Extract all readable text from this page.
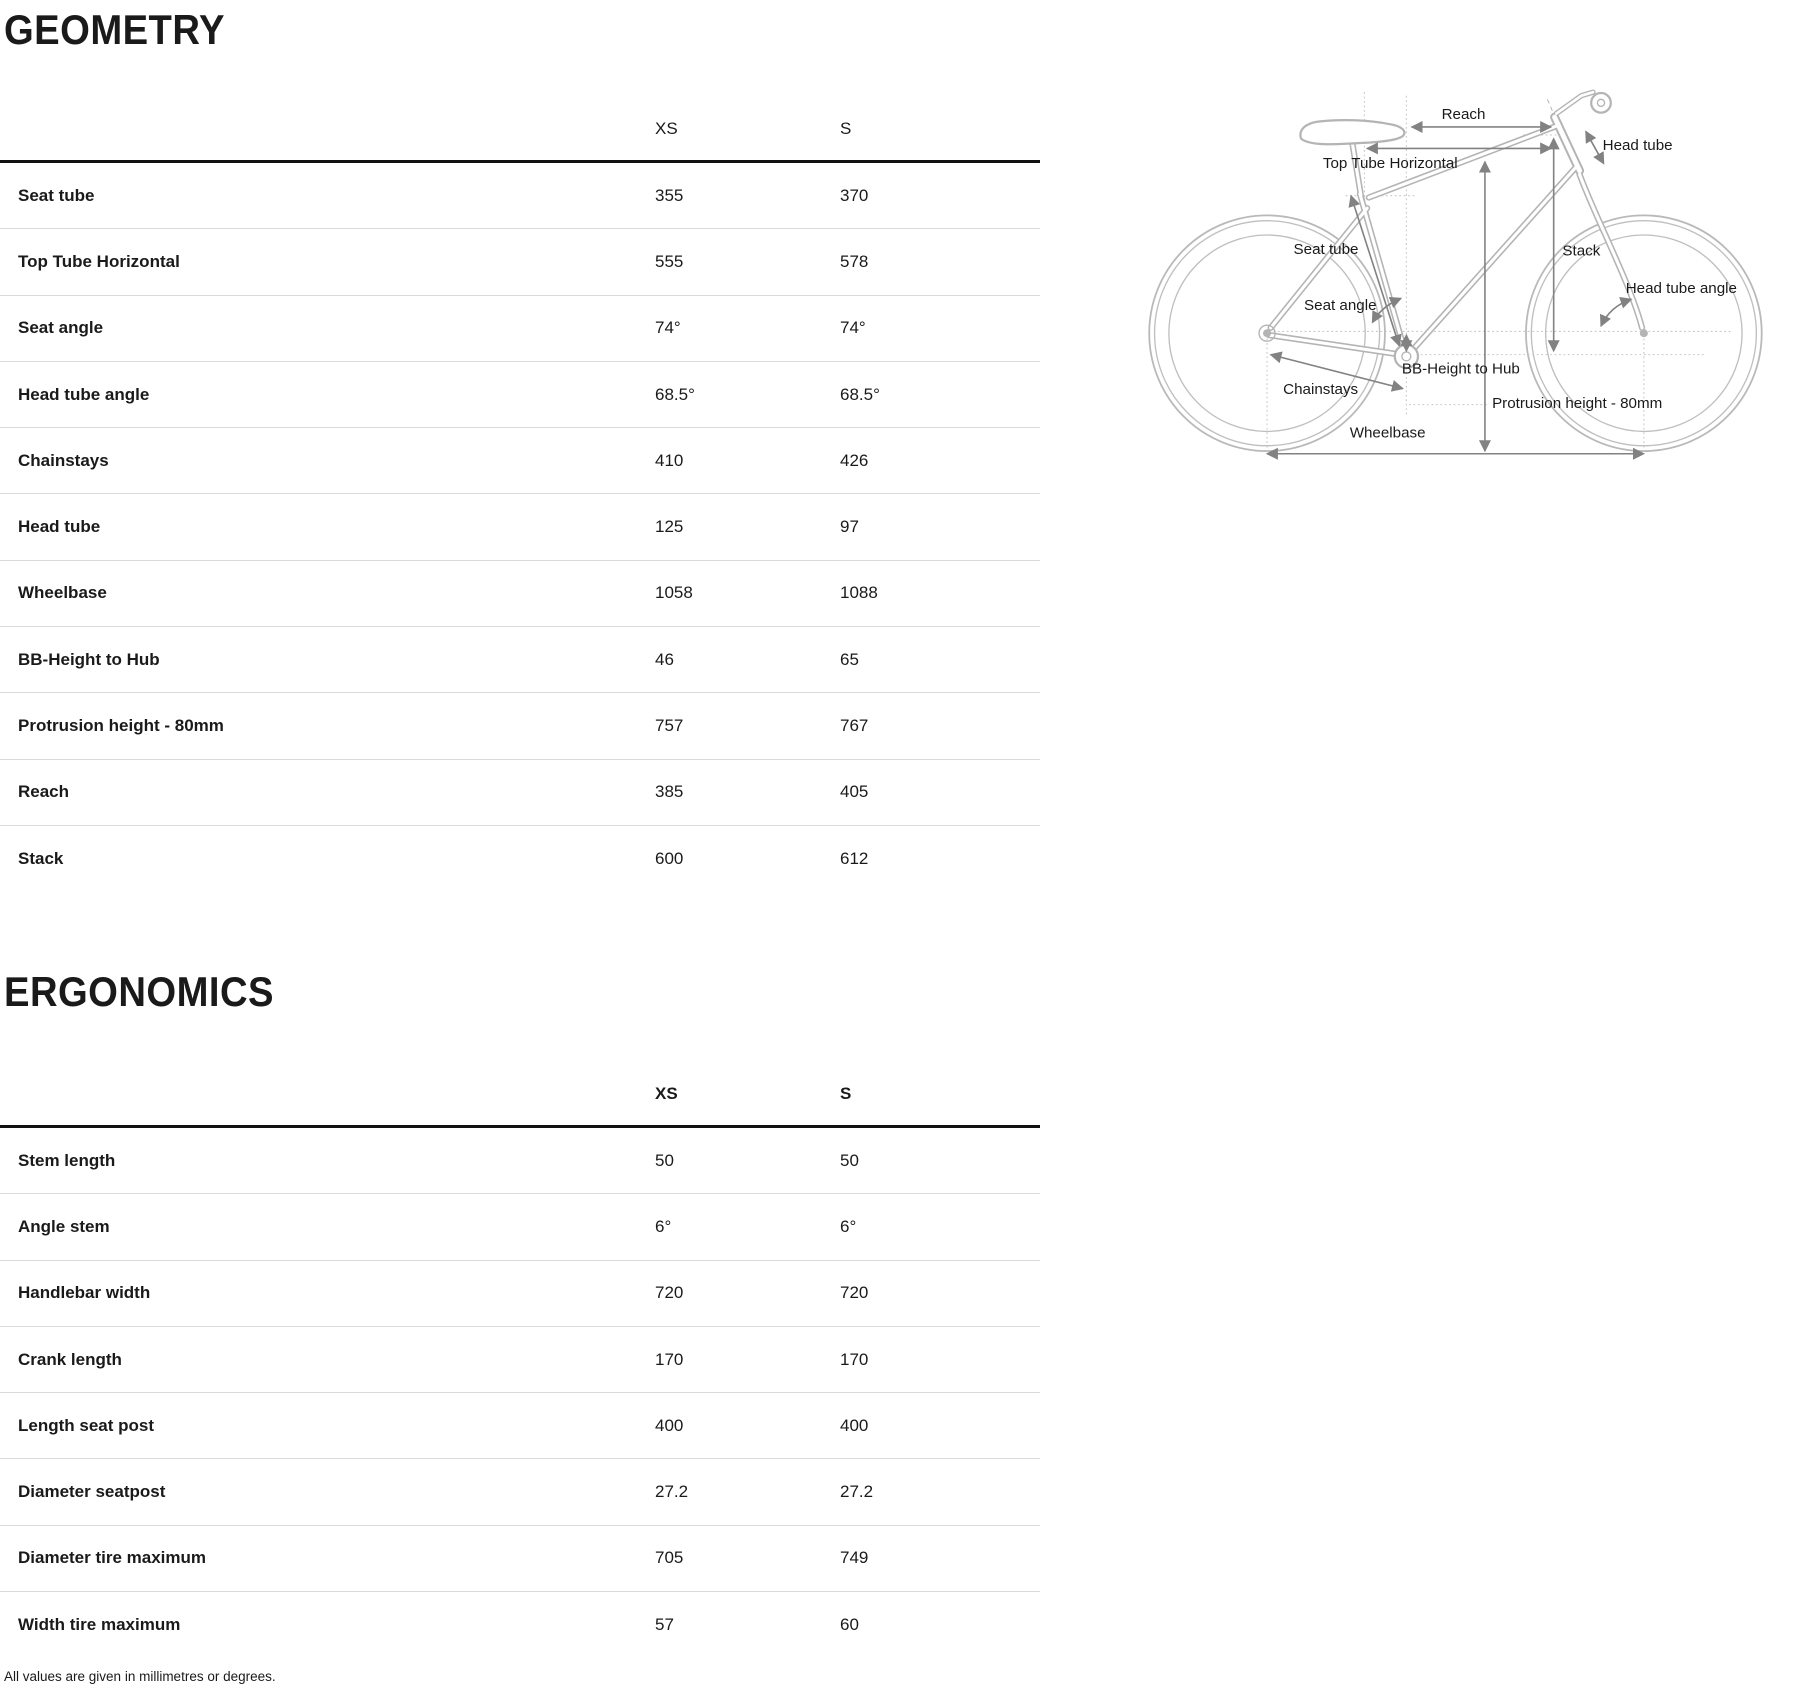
GEOMETRY
XS	S
Seat tube	355	370
Top Tube Horizontal	555	578
Seat angle	74°	74°
Head tube angle	68.5°	68.5°
Chainstays	410	426
Head tube	125	97
Wheelbase	1058	1088
BB-Height to Hub	46	65
Protrusion height - 80mm	757	767
Reach	385	405
Stack	600	612
Reach
Head tube
Top Tube Horizontal
Seat tube	Stack
Head tube angle
Seat angle
BB-Height to Hub
Chainstays
Protrusion height - 80mm
Wheelbase
ERGONOMICS
XS	S
Stem length	50	50
Angle stem	6°	6°
Handlebar width	720	720
Crank length	170	170
Length seat post	400	400
Diameter seatpost	27.2	27.2
Diameter tire maximum	705	749
Width tire maximum	57	60
All values are given in millimetres or degrees.
